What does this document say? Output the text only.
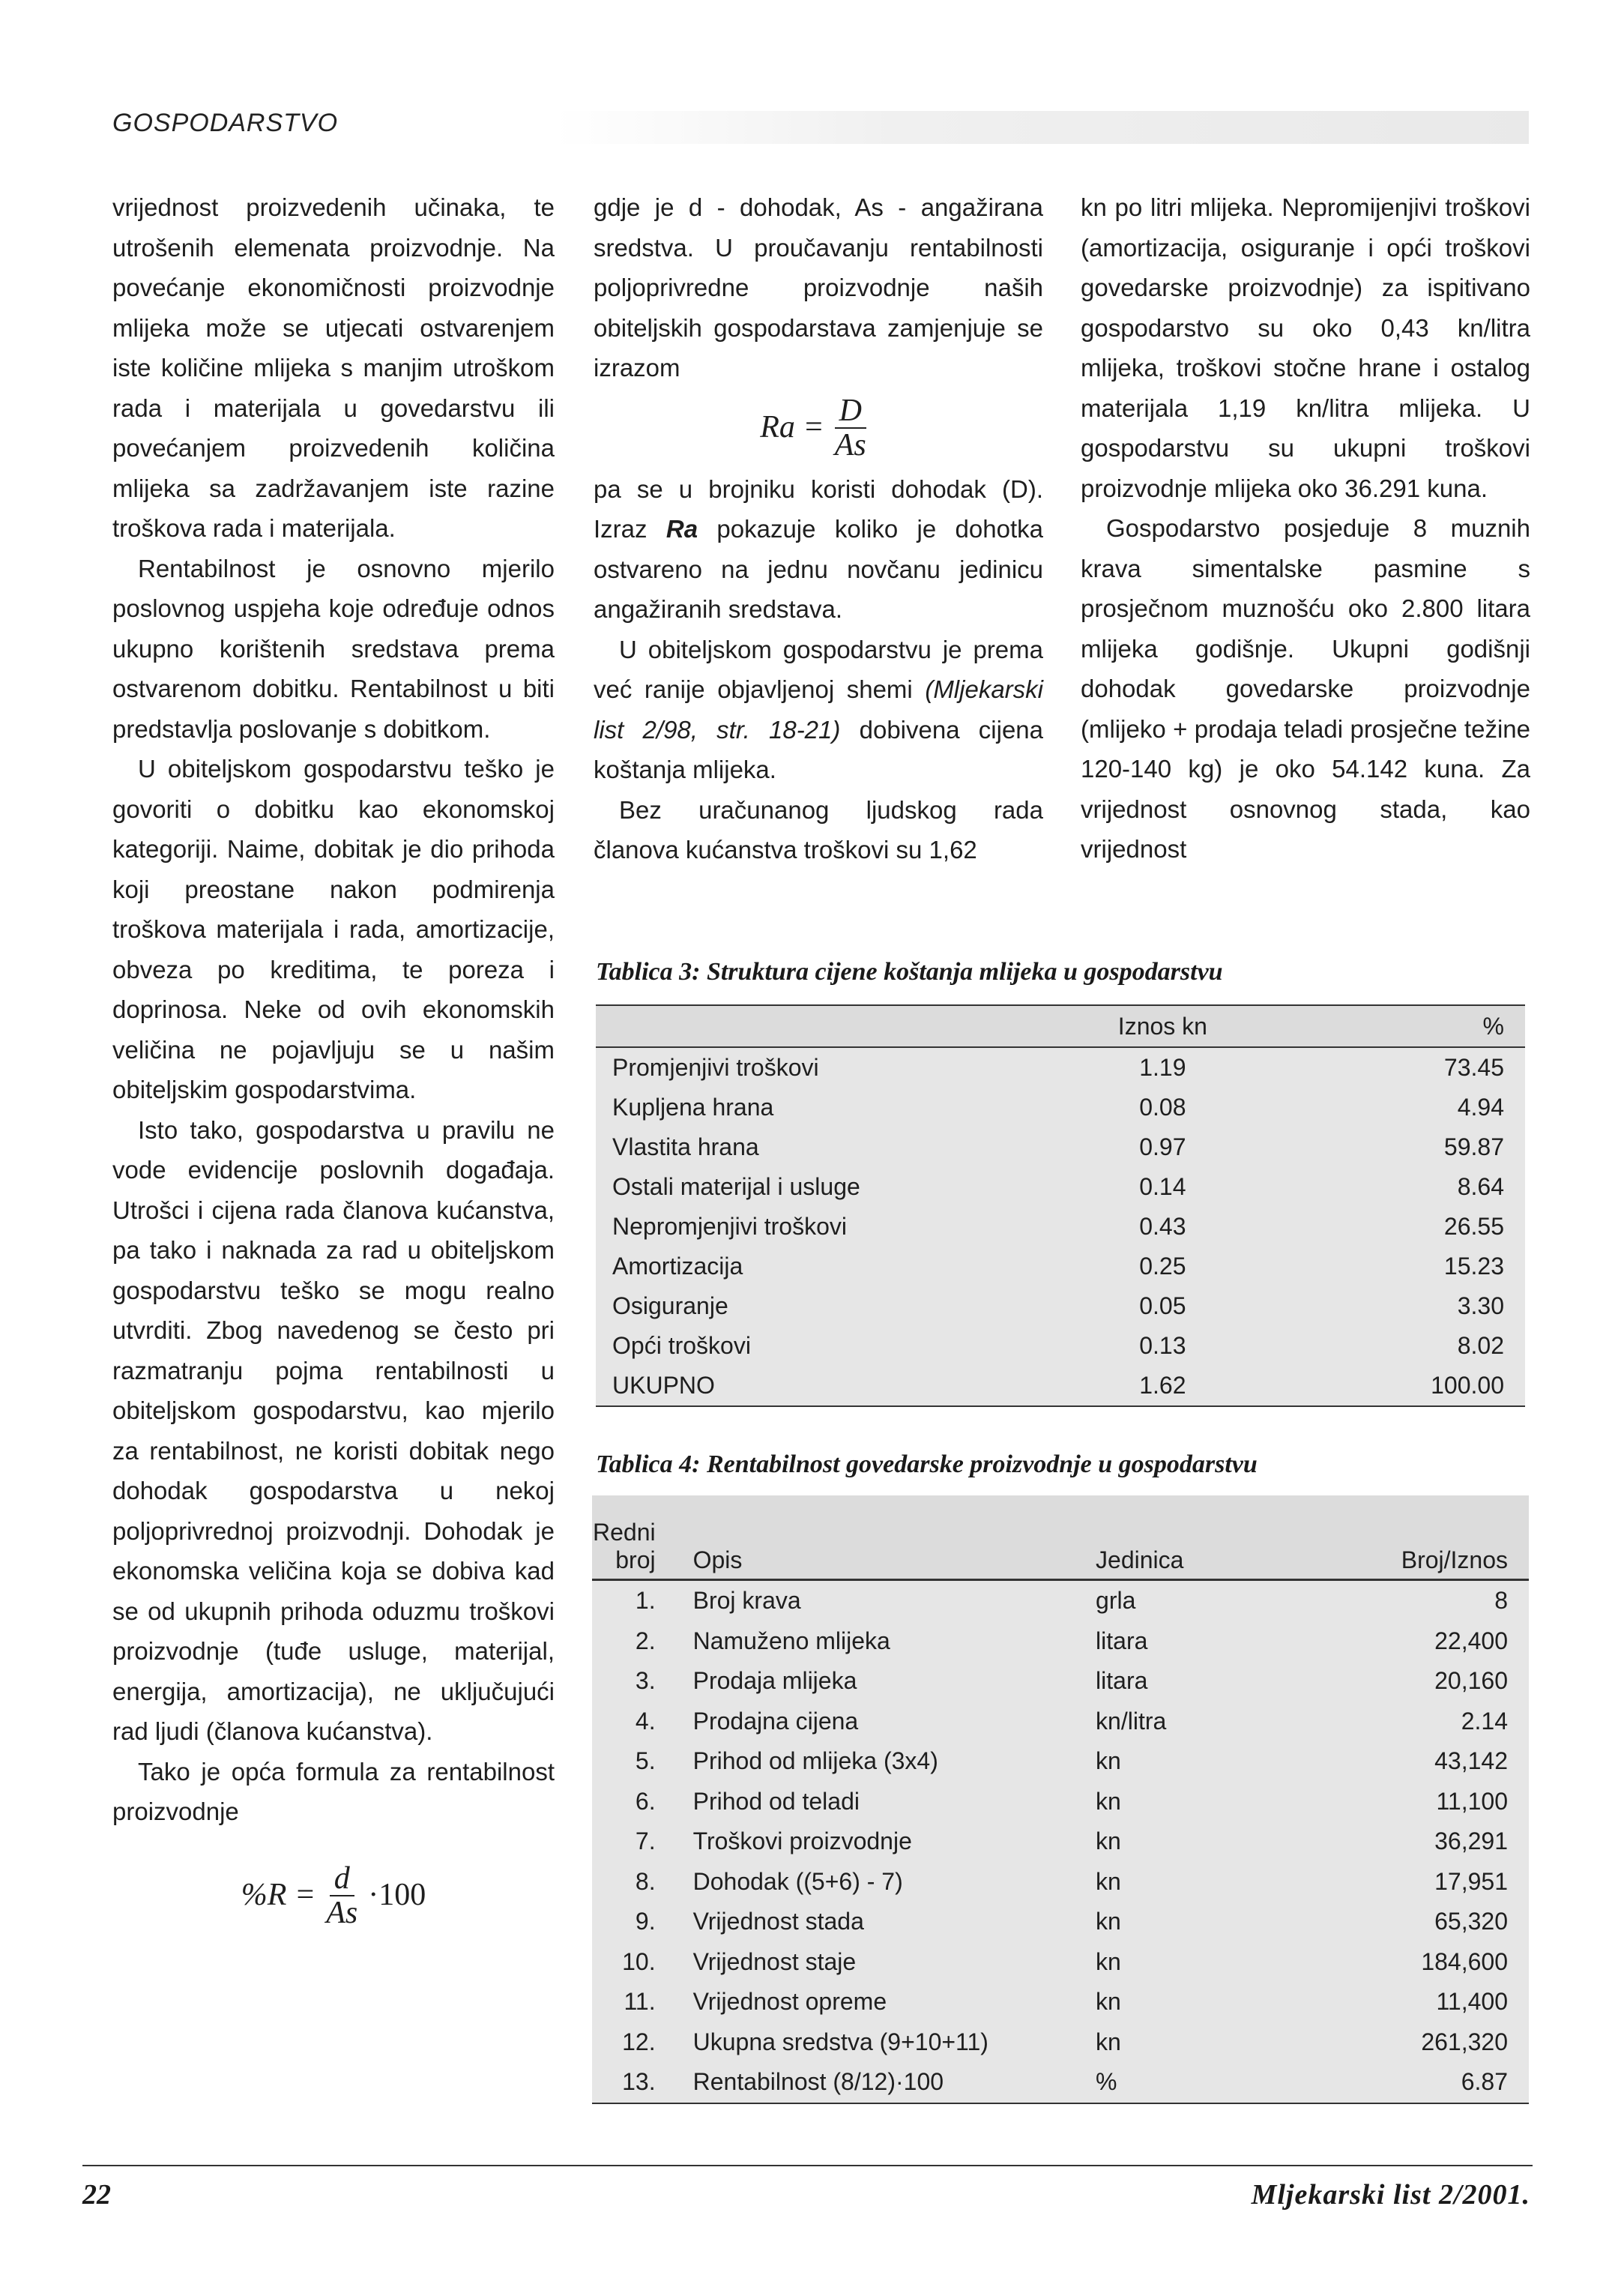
GOSPODARSTVO

vrijednost proizvedenih učinaka, te utrošenih elemenata proizvodnje. Na povećanje ekonomičnosti proizvodnje mlijeka može se utjecati ostvarenjem iste količine mlijeka s manjim utroškom rada i materijala u govedarstvu ili povećanjem proizvedenih količina mlijeka sa zadržavanjem iste razine troškova rada i materijala.

Rentabilnost je osnovno mjerilo poslovnog uspjeha koje određuje odnos ukupno korištenih sredstava prema ostvarenom dobitku. Rentabilnost u biti predstavlja poslovanje s dobitkom.

U obiteljskom gospodarstvu teško je govoriti o dobitku kao ekonomskoj kategoriji. Naime, dobitak je dio prihoda koji preostane nakon podmirenja troškova materijala i rada, amortizacije, obveza po kreditima, te poreza i doprinosa. Neke od ovih ekonomskih veličina ne pojavljuju se u našim obiteljskim gospodarstvima.

Isto tako, gospodarstva u pravilu ne vode evidencije poslovnih događaja. Utrošci i cijena rada članova kućanstva, pa tako i naknada za rad u obiteljskom gospodarstvu teško se mogu realno utvrditi. Zbog navedenog se često pri razmatranju pojma rentabilnosti u obiteljskom gospodarstvu, kao mjerilo za rentabilnost, ne koristi dobitak nego dohodak gospodarstva u nekoj poljoprivrednoj proizvodnji. Dohodak je ekonomska veličina koja se dobiva kad se od ukupnih prihoda oduzmu troškovi proizvodnje (tuđe usluge, materijal, energija, amortizacija), ne uključujući rad ljudi (članova kućanstva).

Tako je opća formula za rentabilnost proizvodnje

$\%R = \frac{d}{As} \cdot 100$

gdje je d - dohodak, As - angažirana sredstva. U proučavanju rentabilnosti poljoprivredne proizvodnje naših obiteljskih gospodarstava zamjenjuje se izrazom

$Ra = \frac{D}{As}$

pa se u brojniku koristi dohodak (D). Izraz Ra pokazuje koliko je dohotka ostvareno na jednu novčanu jedinicu angažiranih sredstava.

U obiteljskom gospodarstvu je prema već ranije objavljenoj shemi (Mljekarski list 2/98, str. 18-21) dobivena cijena koštanja mlijeka.

Bez uračunanog ljudskog rada članova kućanstva troškovi su 1,62

kn po litri mlijeka. Nepromijenjivi troškovi (amortizacija, osiguranje i opći troškovi govedarske proizvodnje) za ispitivano gospodarstvo su oko 0,43 kn/litra mlijeka, troškovi stočne hrane i ostalog materijala 1,19 kn/litra mlijeka. U gospodarstvu su ukupni troškovi proizvodnje mlijeka oko 36.291 kuna.

Gospodarstvo posjeduje 8 muznih krava simentalske pasmine s prosječnom muznošću oko 2.800 litara mlijeka godišnje. Ukupni godišnji dohodak govedarske proizvodnje (mlijeko + prodaja teladi prosječne težine 120-140 kg) je oko 54.142 kuna. Za vrijednost osnovnog stada, kao vrijednost

Tablica 3: Struktura cijene koštanja mlijeka u gospodarstvu
	Iznos kn	%
Promjenjivi troškovi	1.19	73.45
Kupljena hrana	0.08	4.94
Vlastita hrana	0.97	59.87
Ostali materijal i usluge	0.14	8.64
Nepromjenjivi troškovi	0.43	26.55
Amortizacija	0.25	15.23
Osiguranje	0.05	3.30
Opći troškovi	0.13	8.02
UKUPNO	1.62	100.00
Tablica 4: Rentabilnost govedarske proizvodnje u gospodarstvu
Redni broj	Opis	Jedinica	Broj/Iznos
1.	Broj krava	grla	8
2.	Namuženo mlijeka	litara	22,400
3.	Prodaja mlijeka	litara	20,160
4.	Prodajna cijena	kn/litra	2.14
5.	Prihod od mlijeka (3x4)	kn	43,142
6.	Prihod od teladi	kn	11,100
7.	Troškovi proizvodnje	kn	36,291
8.	Dohodak ((5+6) - 7)	kn	17,951
9.	Vrijednost stada	kn	65,320
10.	Vrijednost staje	kn	184,600
11.	Vrijednost opreme	kn	11,400
12.	Ukupna sredstva (9+10+11)	kn	261,320
13.	Rentabilnost (8/12)·100	%	6.87
22	Mljekarski list 2/2001.
